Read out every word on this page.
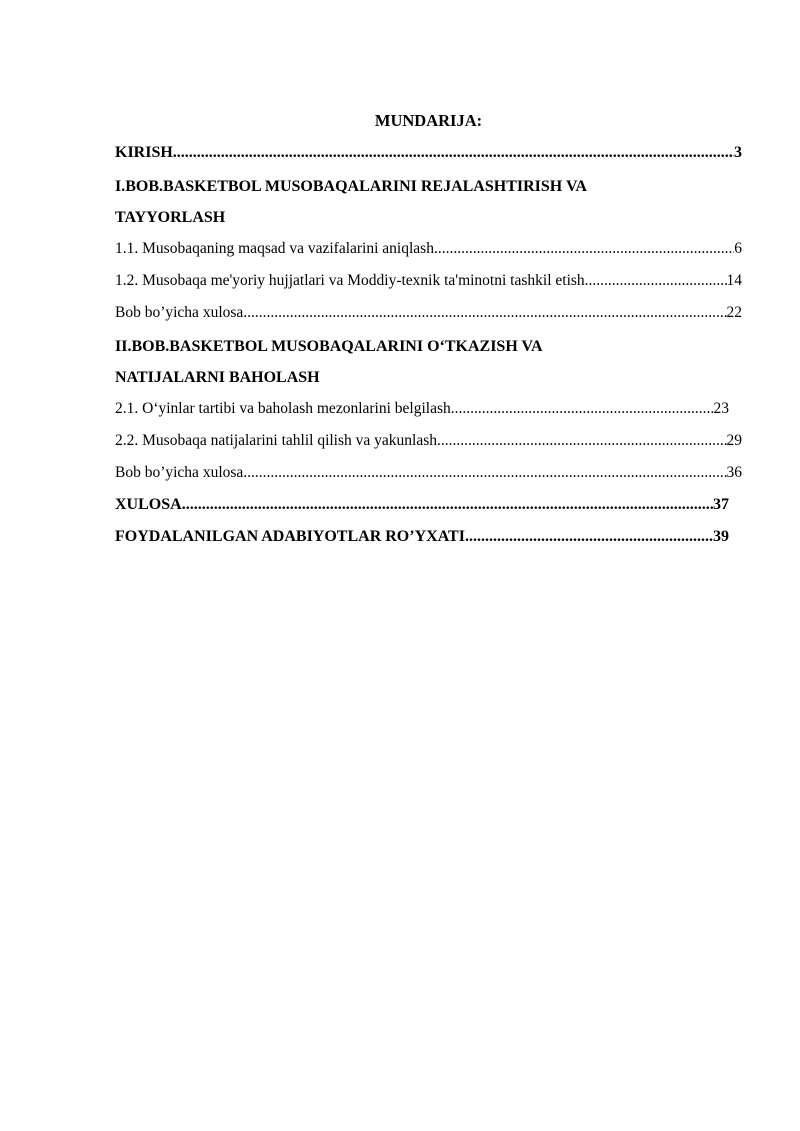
MUNDARIJA:
KIRISH .....	3
I.BOB.BASKETBOL MUSOBAQALARINI REJALASHTIRISH VA
TAYYORLASH
1.1. Musobaqaning maqsad va vazifalarini aniqlash .....	6
1.2. Musobaqa me'yoriy hujjatlari va Moddiy-texnik ta'minotni tashkil etish .....	14
Bob bo’yicha xulosa .....	22
II.BOB.BASKETBOL MUSOBAQALARINI O‘TKAZISH VA
NATIJALARNI BAHOLASH
2.1. O‘yinlar tartibi va baholash mezonlarini belgilash .....	23
2.2. Musobaqa natijalarini tahlil qilish va yakunlash .....	29
Bob bo’yicha xulosa .....	36
XULOSA .....	37
FOYDALANILGAN ADABIYOTLAR RO’YXATI .....	39
